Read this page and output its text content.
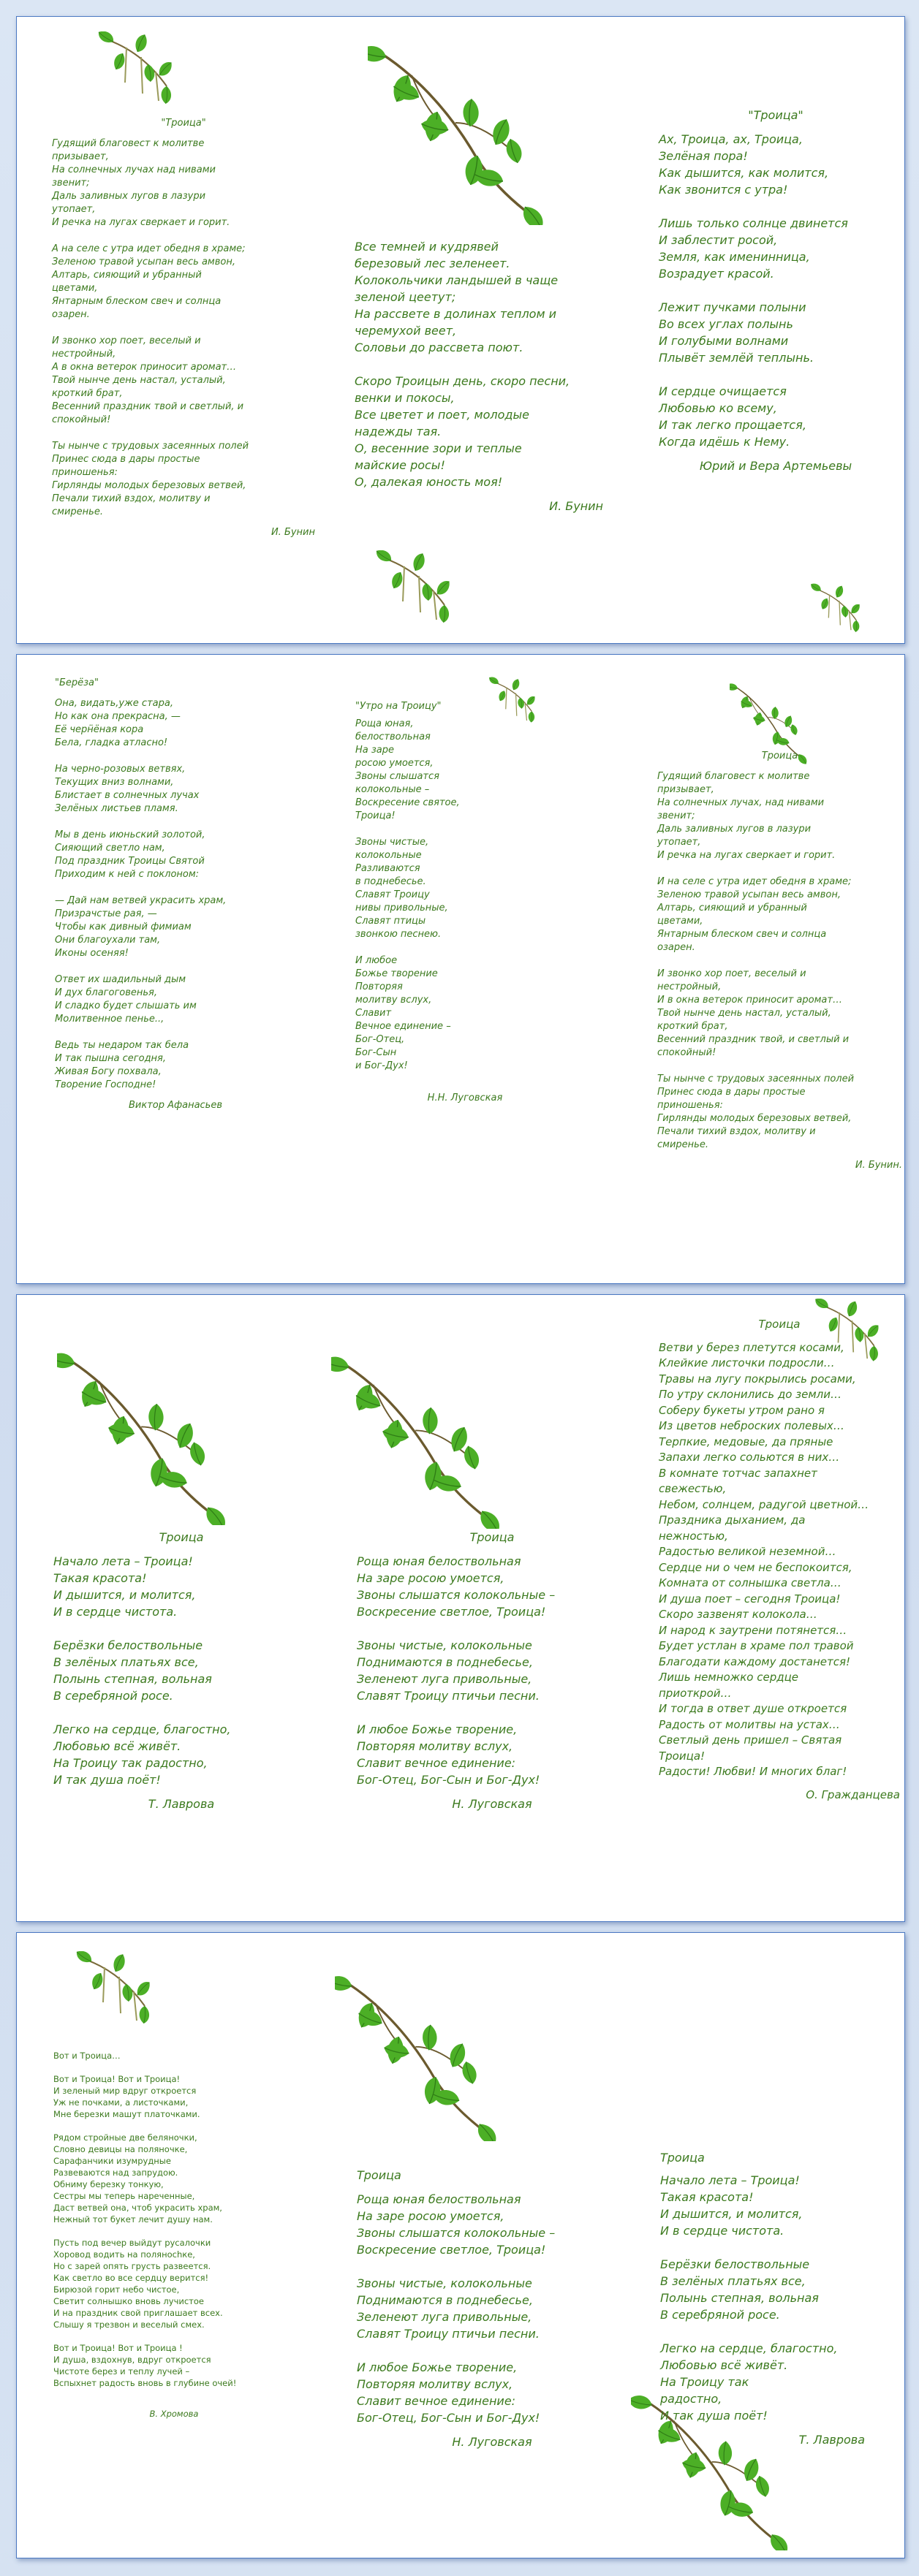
"Троица"
Гудящий благовест к молитве
призывает,
На солнечных лучах над нивами
звенит;
Даль заливных лугов в лазури
утопает,
И речка на лугах сверкает и горит.

А на селе с утра идет обедня в храме;
Зеленою травой усыпан весь амвон,
Алтарь, сияющий и убранный
цветами,
Янтарным блеском свеч и солнца
озарен.

И звонко хор поет, веселый и
нестройный,
А в окна ветерок приносит аромат…
Твой нынче день настал, усталый,
кроткий брат,
Весенний праздник твой и светлый, и
спокойный!

Ты нынче с трудовых засеянных полей
Принес сюда в дары простые
приношенья:
Гирлянды молодых березовых ветвей,
Печали тихий вздох, молитву и
смиренье.
И. Бунин
Все темней и кудрявей
березовый лес зеленеет.
Колокольчики ландышей в чаще
зеленой цеетут;
На рассвете в долинах теплом и
черемухой веет,
Соловьи до рассвета поют.

Скоро Троицын день, скоро песни,
венки и покосы,
Все цветет и поет, молодые
надежды тая.
О, весенние зори и теплые
майские росы!
О, далекая юность моя!
И. Бунин
"Троица"
Ах, Троица, ах, Троица,
Зелёная пора!
Как дышится, как молится,
Как звонится с утра!

Лишь только солнце двинется
И заблестит росой,
Земля, как именинница,
Возрадует красой.

Лежит пучками полыни
Во всех углах полынь
И голубыми волнами
Плывёт землёй теплынь.

И сердце очищается
Любовью ко всему,
И так легко прощается,
Когда идёшь к Нему.
Юрий и Вера Артемьевы
"Берёза"
Она, видать,уже стара,
Но как она прекрасна, —
Её черн̈ёная кора
Бела, гладка атласно!

На черно-розовых ветвях,
Текущих вниз волнами,
Блистает в солнечных лучах
Зелёных листьев пламя.

Мы в день июньский золотой,
Сияющий светло нам,
Под праздник Троицы Святой
Приходим к ней с поклоном:

— Дай нам ветвей украсить храм,
Призрачстые рая, —
Чтобы как дивный фимиам
Они благоухали там,
Иконы осеняя!

Ответ их шадильный дым
И дух благоговенья,
И сладко будет слышать им
Молитвенное пенье..,

Ведь ты недаром так бела
И так пышна сегодня,
Живая Богу похвала,
Творение Господне!
Виктор Афанасьев
"Утро на Троицу"
Роща юная,
белоствольная
На заре
росою умоется,
Звоны слышатся
колокольные –
Воскресение святое,
Троица!

Звоны чистые,
колокольные
Разливаются
в поднебесье.
Славят Троицу
нивы привольные,
Славят птицы
звонкою песнею.

И любое
Божье творение
Повторяя
молитву вслух,
Славит
Вечное единение –
Бог-Отец,
Бог-Сын
и Бог-Дух!
Н.Н. Луговская
Троица
Гудящий благовест к молитве
призывает,
На солнечных лучах, над нивами
звенит;
Даль заливных лугов в лазури
утопает,
И речка на лугах сверкает и горит.

И на селе с утра идет обедня в храме;
Зеленою травой усыпан весь амвон,
Алтарь, сияющий и убранный
цветами,
Янтарным блеском свеч и солнца
озарен.

И звонко хор поет, веселый и
нестройный,
И в окна ветерок приносит аромат…
Твой нынче день настал, усталый,
кроткий брат,
Весенний праздник твой, и светлый и
спокойный!

Ты нынче с трудовых засеянных полей
Принес сюда в дары простые
приношенья:
Гирлянды молодых березовых ветвей,
Печали тихий вздох, молитву и
смиренье.
И. Бунин.
Троица
Начало лета – Троица!
Такая красота!
И дышится, и молится,
И в сердце чистота.

Берёзки белоствольные
В зелёных платьях все,
Полынь степная, вольная
В серебряной росе.

Легко на сердце, благостно,
Любовью всё живёт.
На Троицу так радостно,
И так душа поёт!
Т. Лаврова
Троица
Роща юная белоствольная
На заре росою умоется,
Звоны слышатся колокольные –
Воскресение светлое, Троица!

Звоны чистые, колокольные
Поднимаются в поднебесье,
Зеленеют луга привольные,
Славят Троицу птичьи песни.

И любое Божье творение,
Повторяя молитву вслух,
Славит вечное единение:
Бог-Отец, Бог-Сын и Бог-Дух!
Н. Луговская
Троица
Ветви у берез плетутся косами,
Клейкие листочки подросли…
Травы на лугу покрылись росами,
По утру склонились до земли…
Соберу букеты утром рано я
Из цветов неброских полевых…
Терпкие, медовые, да пряные
Запахи легко сольются в них…
В комнате тотчас запахнет
свежестью,
Небом, солнцем, радугой цветной…
Праздника дыханием, да
нежностью,
Радостью великой неземной…
Сердце ни о чем не беспокоится,
Комната от солнышка светла…
И душа поет – сегодня Троица!
Скоро зазвенят колокола…
И народ к заутрени потянется…
Будет устлан в храме пол травой
Благодати каждому достанется!
Лишь немножко сердце
приоткрой…
И тогда в ответ душе откроется
Радость от молитвы на устах…
Светлый день пришел – Святая
Троица!
Радости! Любви! И многих благ!
О. Гражданцева
Вот и Троица…

Вот и Троица! Вот и Троица!
И зеленый мир вдруг откроется
Уж не почками, а листочками,
Мне березки машут платочками.

Рядом стройные две беляночки,
Словно девицы на поляночке,
Сарафанчики изумрудные
Развеваются над запрудою.
Обниму березку тонкую,
Сестры мы теперь нареченные,
Даст ветвей она, чтоб украсить храм,
Нежный тот букет лечит душу нам.

Пусть под вечер выйдут русалочки
Хоровод водить на полянochке,
Но с зарей опять грусть развеется.
Как светло во все сердцу верится!
Бирюзой горит небо чистое,
Светит солнышко вновь лучистое
И на праздник свой приглашает всех.
Слышу я трезвон и веселый смех.

Вот и Троица! Вот и Троица !
И душа, вздохнув, вдруг откроется
Чистоте берез и теплу лучей –
Вспыхнет радость вновь в глубине очей!
В. Хромова
Троица
Роща юная белоствольная
На заре росою умоется,
Звоны слышатся колокольные –
Воскресение светлое, Троица!

Звоны чистые, колокольные
Поднимаются в поднебесье,
Зеленеют луга привольные,
Славят Троицу птичьи песни.

И любое Божье творение,
Повторяя молитву вслух,
Славит вечное единение:
Бог-Отец, Бог-Сын и Бог-Дух!
Н. Луговская
Троица
Начало лета – Троица!
Такая красота!
И дышится, и молится,
И в сердце чистота.

Берёзки белоствольные
В зелёных платьях все,
Полынь степная, вольная
В серебряной росе.

Легко на сердце, благостно,
Любовью всё живёт.
На Троицу так
радостно,
И так душа поёт!
Т. Лаврова
